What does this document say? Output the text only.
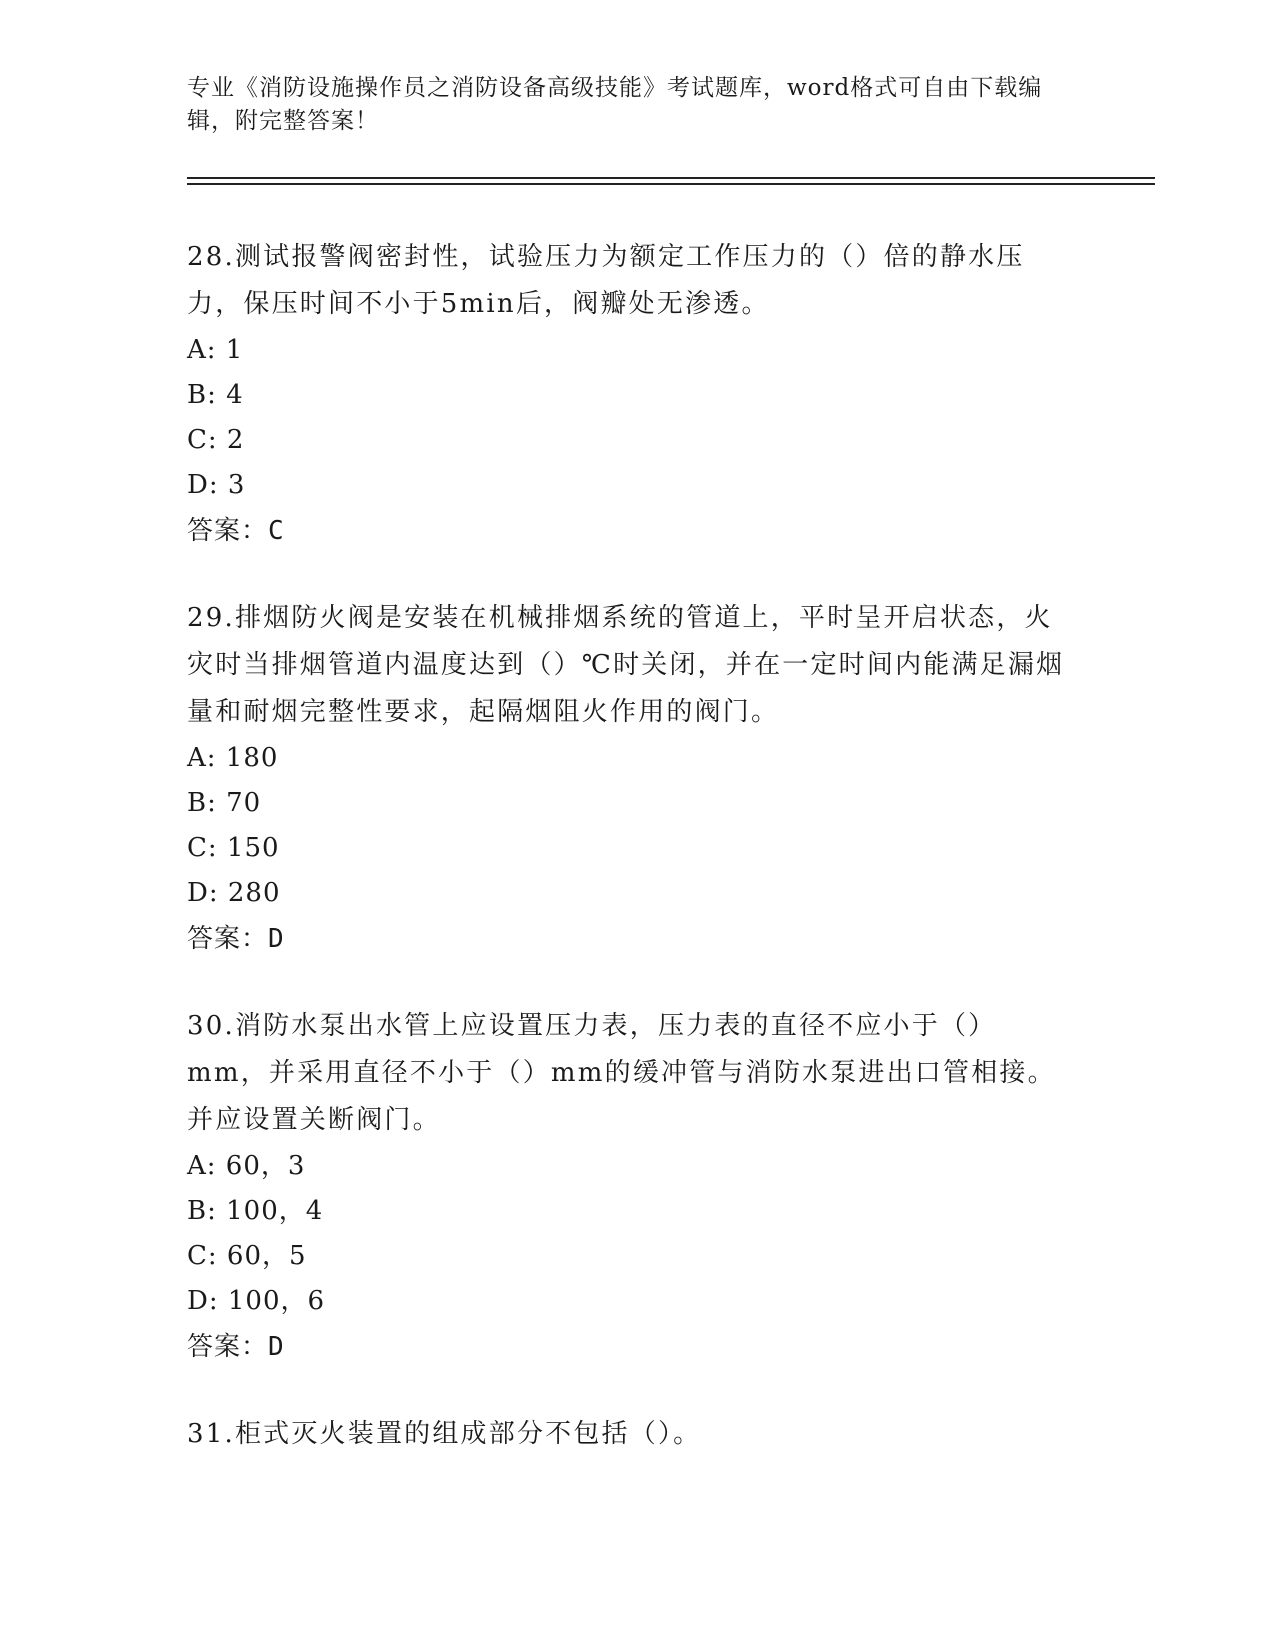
专业《消防设施操作员之消防设备高级技能》考试题库，word格式可自由下载编辑，附完整答案！
28.测试报警阀密封性，试验压力为额定工作压力的（）倍的静水压力，保压时间不小于5min后，阀瓣处无渗透。
A: 1
B: 4
C: 2
D: 3
答案：C
29.排烟防火阀是安装在机械排烟系统的管道上，平时呈开启状态，火灾时当排烟管道内温度达到（）℃时关闭，并在一定时间内能满足漏烟量和耐烟完整性要求，起隔烟阻火作用的阀门。
A: 180
B: 70
C: 150
D: 280
答案：D
30.消防水泵出水管上应设置压力表，压力表的直径不应小于（）mm，并采用直径不小于（）mm的缓冲管与消防水泵进出口管相接。并应设置关断阀门。
A: 60，3
B: 100，4
C: 60，5
D: 100，6
答案：D
31.柜式灭火装置的组成部分不包括（）。
